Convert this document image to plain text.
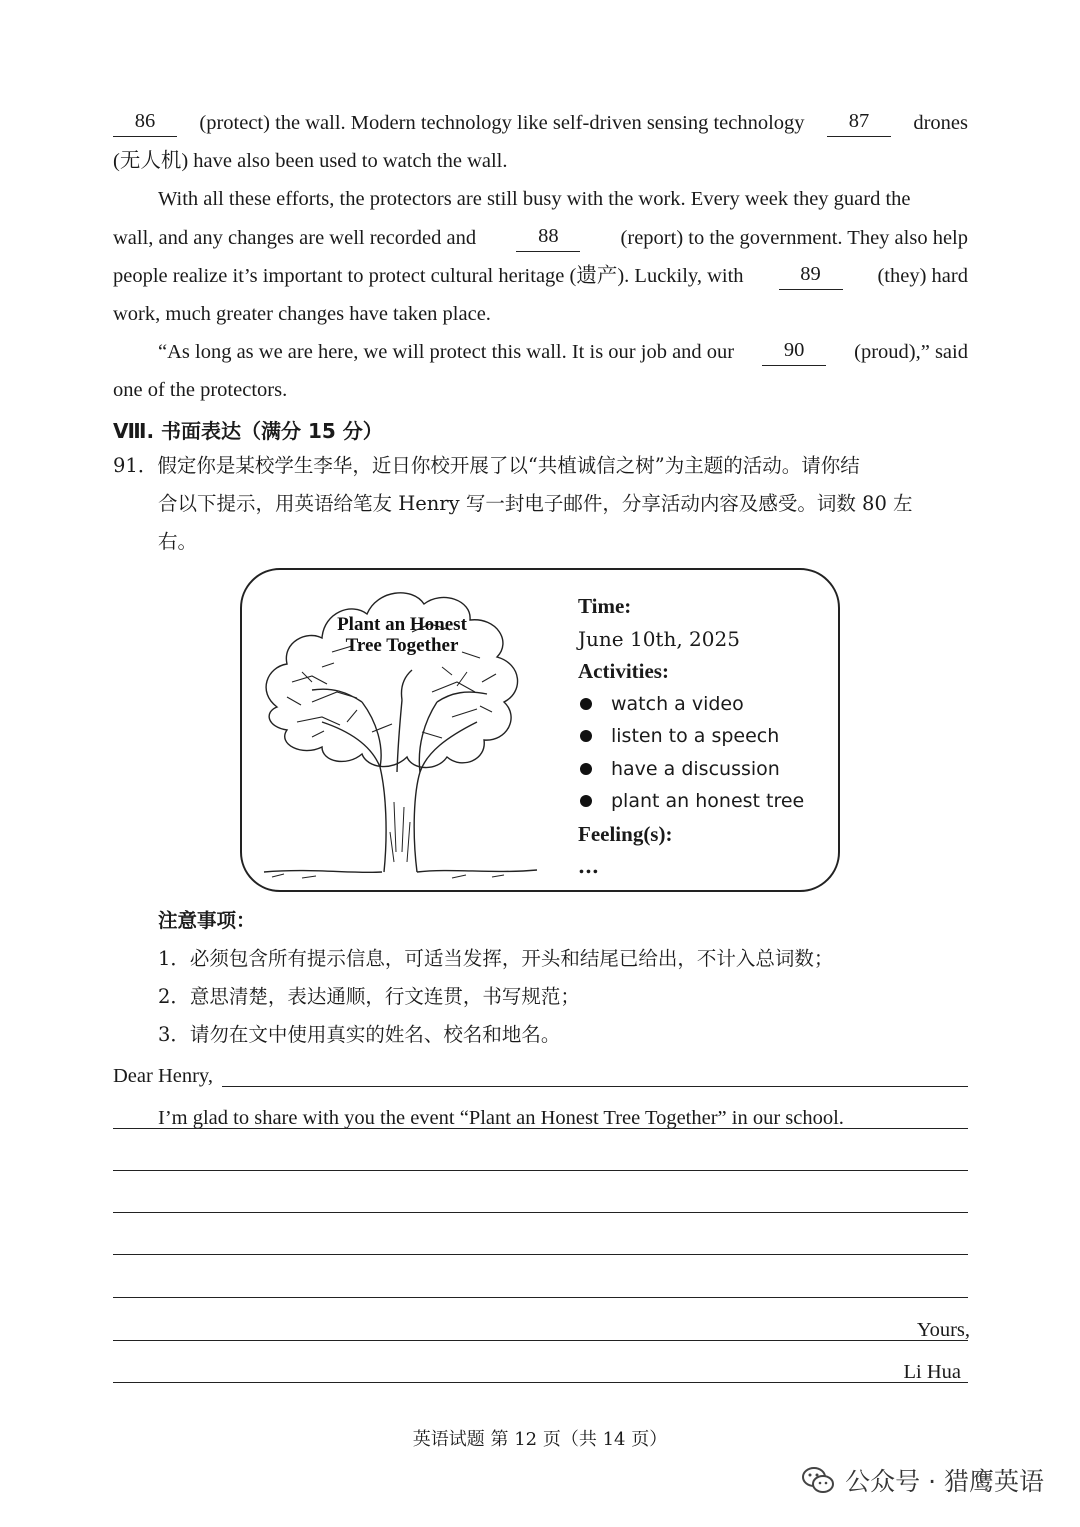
86	(protect) the wall. Modern technology like self-driven sensing technology	87	drones
(无人机) have also been used to watch the wall.
With all these efforts, the protectors are still busy with the work. Every week they guard the
wall, and any changes are well recorded and	88	(report) to the government. They also help
people realize it’s important to protect cultural heritage (遗产). Luckily, with	89	(they) hard
work, much greater changes have taken place.
“As long as we are here, we will protect this wall. It is our job and our	90	(proud),” said
one of the protectors.
Ⅷ. 书面表达（满分 15 分）
91．假定你是某校学生李华，近日你校开展了以“共植诚信之树”为主题的活动。请你结
合以下提示，用英语给笔友 Henry 写一封电子邮件，分享活动内容及感受。词数 80 左
右。
Plant an Honest
Tree Together
Time:
June 10th, 2025
Activities:
watch a video
listen to a speech
have a discussion
plant an honest tree
Feeling(s):
...
注意事项：
1．必须包含所有提示信息，可适当发挥，开头和结尾已给出，不计入总词数；
2．意思清楚，表达通顺，行文连贯，书写规范；
3．请勿在文中使用真实的姓名、校名和地名。
Dear Henry,
I’m glad to share with you the event “Plant an Honest Tree Together” in our school.
Yours,
Li Hua
英语试题 第 12 页（共 14 页）
公众号 · 猎鹰英语
